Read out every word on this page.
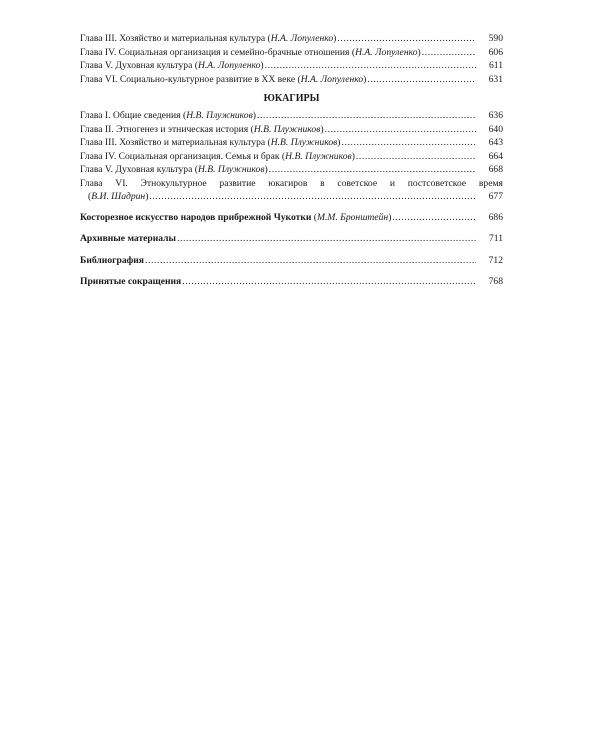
Глава III. Хозяйство и материальная культура (Н.А. Лопуленко) .....	590
Глава IV. Социальная организация и семейно-брачные отношения (Н.А. Лопуленко) .....	606
Глава V. Духовная культура (Н.А. Лопуленко) .....	611
Глава VI. Социально-культурное развитие в XX веке (Н.А. Лопуленко) .....	631
ЮКАГИРЫ
Глава I. Общие сведения (Н.В. Плужников) .....	636
Глава II. Этногенез и этническая история (Н.В. Плужников) .....	640
Глава III. Хозяйство и материальная культура (Н.В. Плужников) .....	643
Глава IV. Социальная организация. Семья и брак (Н.В. Плужников) .....	664
Глава V. Духовная культура (Н.В. Плужников) .....	668
Глава VI. Этнокультурное развитие юкагиров в советское и постсоветское время
(В.И. Шадрин) .....	677
Косторезное искусство народов прибрежной Чукотки (М.М. Бронштейн) .....	686
Архивные материалы .....	711
Библиография .....	712
Принятые сокращения .....	768
